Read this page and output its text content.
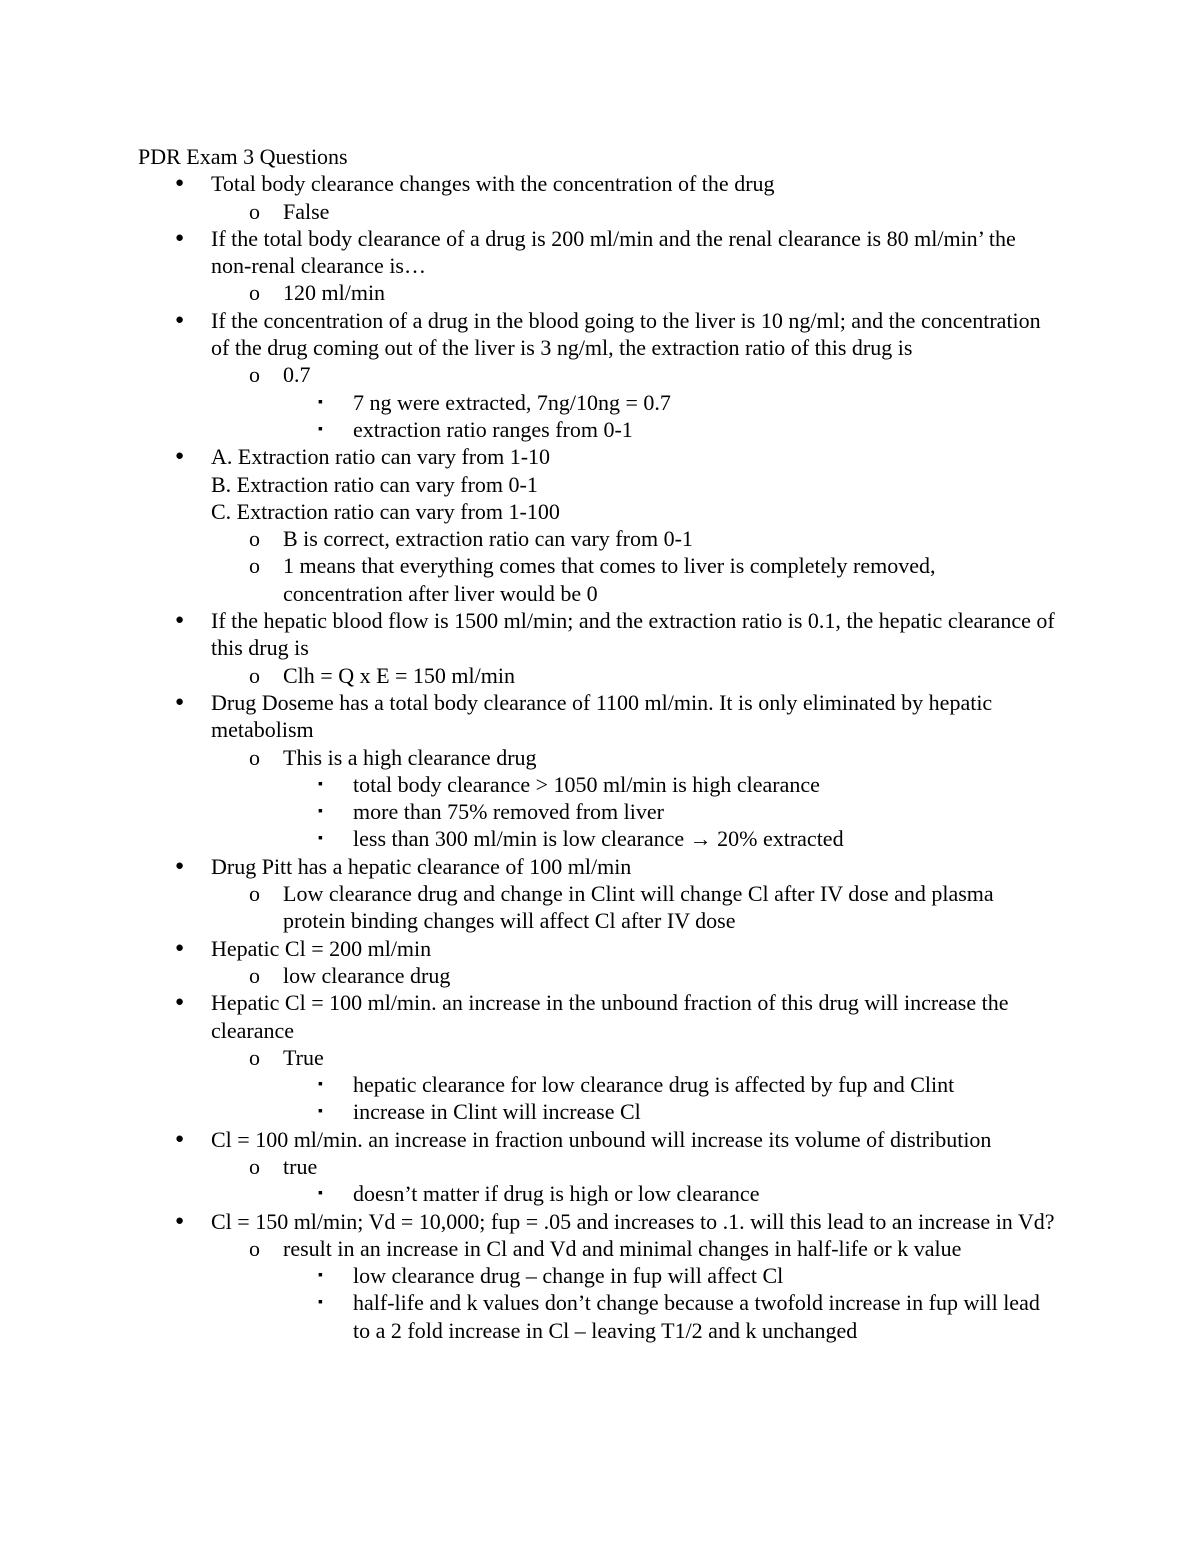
PDR Exam 3 Questions
● Total body clearance changes with the concentration of the drug
o False
● If the total body clearance of a drug is 200 ml/min and the renal clearance is 80 ml/min’ the non-renal clearance is…
o 120 ml/min
● If the concentration of a drug in the blood going to the liver is 10 ng/ml; and the concentration of the drug coming out of the liver is 3 ng/ml, the extraction ratio of this drug is
o 0.7
▪ 7 ng were extracted, 7ng/10ng = 0.7
▪ extraction ratio ranges from 0-1
● A. Extraction ratio can vary from 1-10
B. Extraction ratio can vary from 0-1
C. Extraction ratio can vary from 1-100
o B is correct, extraction ratio can vary from 0-1
o 1 means that everything comes that comes to liver is completely removed, concentration after liver would be 0
● If the hepatic blood flow is 1500 ml/min; and the extraction ratio is 0.1, the hepatic clearance of this drug is
o Clh = Q x E = 150 ml/min
● Drug Doseme has a total body clearance of 1100 ml/min. It is only eliminated by hepatic metabolism
o This is a high clearance drug
▪ total body clearance > 1050 ml/min is high clearance
▪ more than 75% removed from liver
▪ less than 300 ml/min is low clearance → 20% extracted
● Drug Pitt has a hepatic clearance of 100 ml/min
o Low clearance drug and change in Clint will change Cl after IV dose and plasma protein binding changes will affect Cl after IV dose
● Hepatic Cl = 200 ml/min
o low clearance drug
● Hepatic Cl = 100 ml/min. an increase in the unbound fraction of this drug will increase the clearance
o True
▪ hepatic clearance for low clearance drug is affected by fup and Clint
▪ increase in Clint will increase Cl
● Cl = 100 ml/min. an increase in fraction unbound will increase its volume of distribution
o true
▪ doesn’t matter if drug is high or low clearance
● Cl = 150 ml/min; Vd = 10,000; fup = .05 and increases to .1. will this lead to an increase in Vd?
o result in an increase in Cl and Vd and minimal changes in half-life or k value
▪ low clearance drug – change in fup will affect Cl
▪ half-life and k values don’t change because a twofold increase in fup will lead to a 2 fold increase in Cl – leaving T1/2 and k unchanged
